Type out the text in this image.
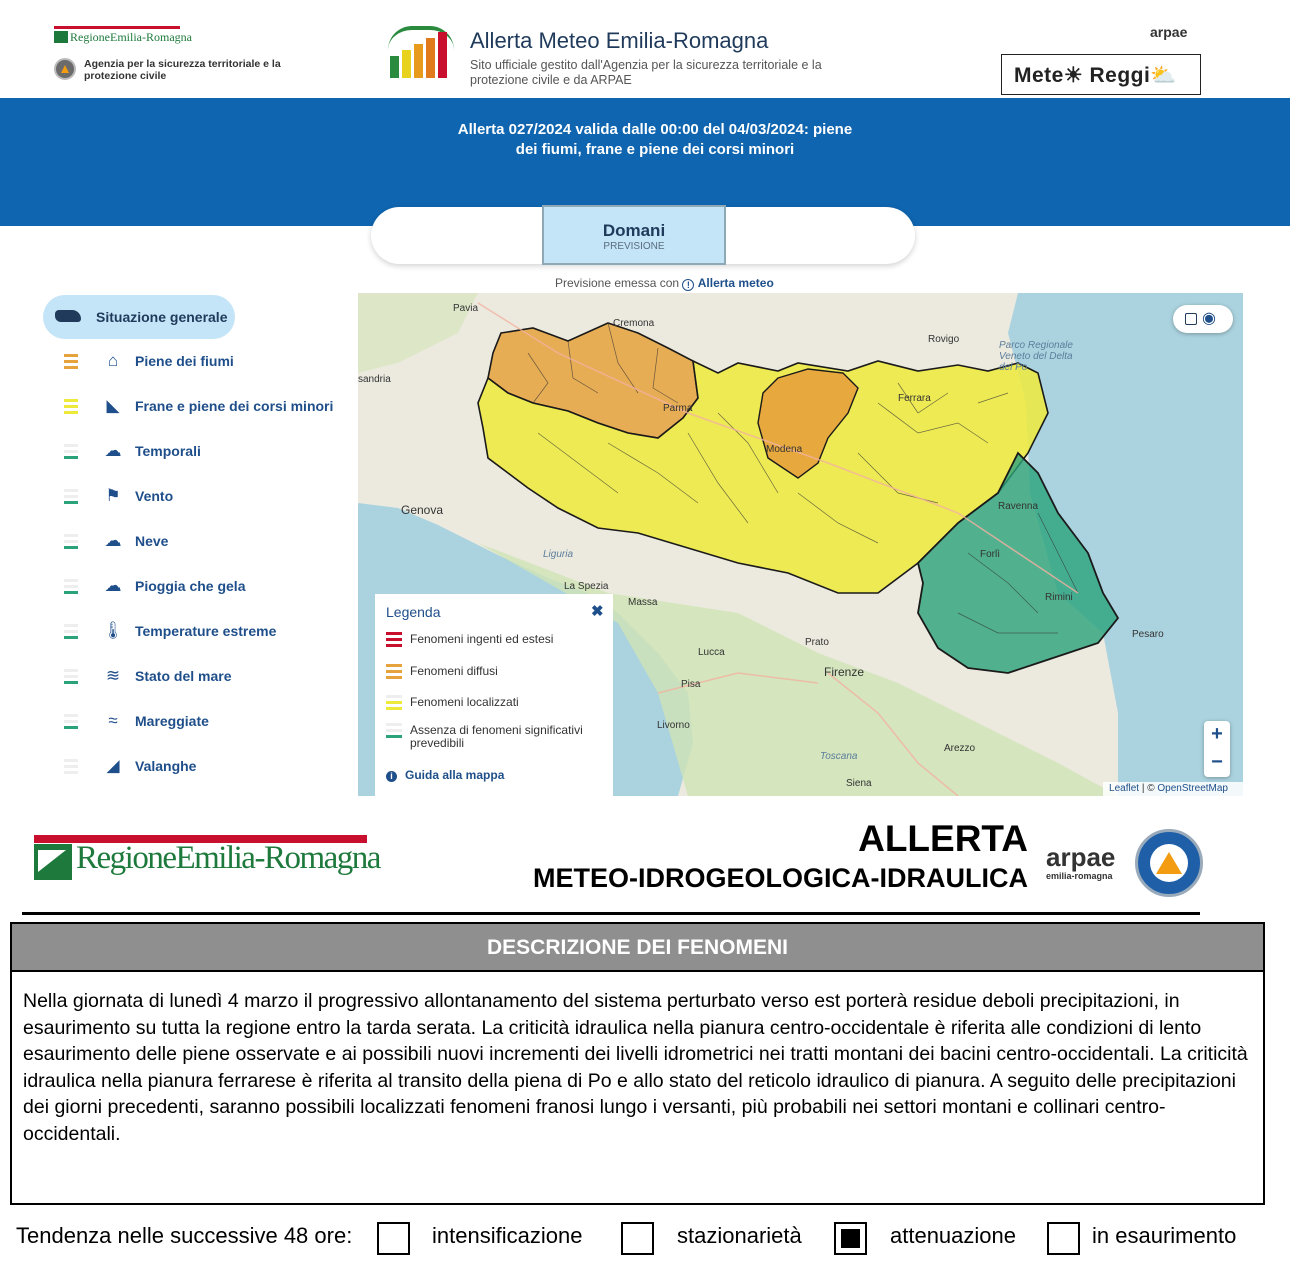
RegioneEmilia-Romagna
Agenzia per la sicurezza territoriale e la protezione civile
Allerta Meteo Emilia-Romagna
Sito ufficiale gestito dall'Agenzia per la sicurezza territoriale e la protezione civile e da ARPAE
arpae
Mete☀ Reggi⛅
Allerta 027/2024 valida dalle 00:00 del 04/03/2024: piene dei fiumi, frane e piene dei corsi minori
Domani
PREVISIONE
Previsione emessa con ! Allerta meteo
Situazione generale
⌂	Piene dei fiumi
◣	Frane e piene dei corsi minori
☁ Temporali
⚑ Vento
☁ Neve
☁ Pioggia che gela
🌡 Temperature estreme
≋ Stato del mare
≈	Mareggiate
◢	Valanghe
Pavia
Cremona
Rovigo
Parco Regionale Veneto del Delta del Po
sandria
Parma
Ferrara
Modena
Ravenna
Genova
Forlì
Liguria
La Spezia
Massa	Rimini
Pesaro
Prato
Lucca
Firenze
Pisa
Livorno
Arezzo
Toscana
Siena
◉
+
−
Leaflet | © OpenStreetMap
Legenda	✖
Fenomeni ingenti ed estesi
Fenomeni diffusi
Fenomeni localizzati
Assenza di fenomeni significativi prevedibili
i Guida alla mappa
RegioneEmilia-Romagna	ALLERTA
METEO-IDROGEOLOGICA-IDRAULICA
arpae
emilia-romagna
DESCRIZIONE DEI FENOMENI
Nella giornata di lunedì 4 marzo il progressivo allontanamento del sistema perturbato verso est porterà residue deboli precipitazioni, in esaurimento su tutta la regione entro la tarda serata. La criticità idraulica nella pianura centro-occidentale è riferita alle condizioni di lento esaurimento delle piene osservate e ai possibili nuovi incrementi dei livelli idrometrici nei tratti montani dei bacini centro-occidentali. La criticità idraulica nella pianura ferrarese è riferita al transito della piena di Po e allo stato del reticolo idraulico di pianura. A seguito delle precipitazioni dei giorni precedenti, saranno possibili localizzati fenomeni franosi lungo i versanti, più probabili nei settori montani e collinari centro-occidentali.
Tendenza nelle successive 48 ore:	intensificazione	stazionarietà	attenuazione	in esaurimento
